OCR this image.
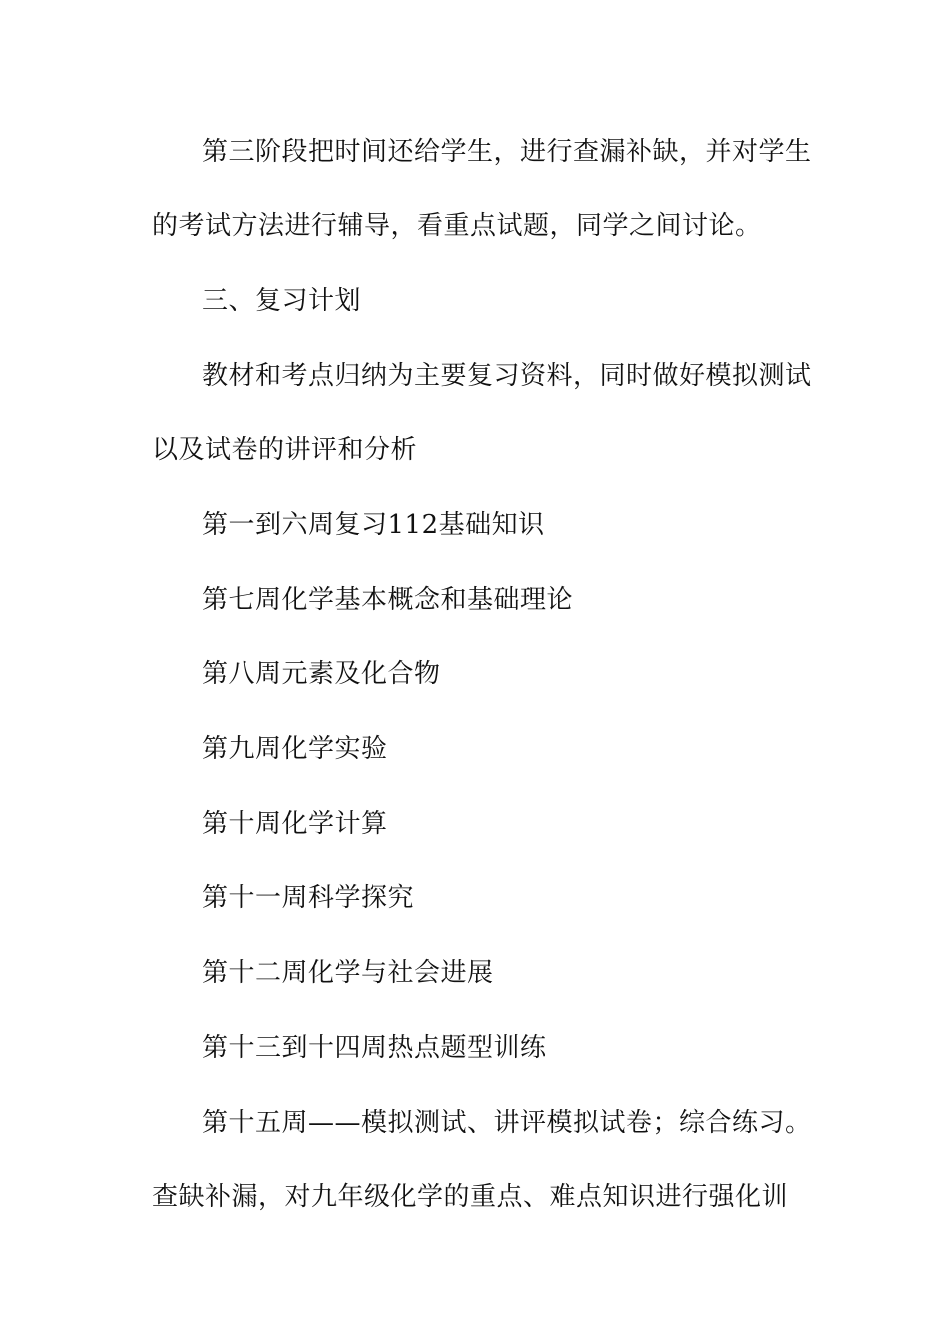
第三阶段把时间还给学生，进行查漏补缺，并对学生
的考试方法进行辅导，看重点试题，同学之间讨论。
三、复习计划
教材和考点归纳为主要复习资料，同时做好模拟测试
以及试卷的讲评和分析
第一到六周复习112基础知识
第七周化学基本概念和基础理论
第八周元素及化合物
第九周化学实验
第十周化学计算
第十一周科学探究
第十二周化学与社会进展
第十三到十四周热点题型训练
第十五周——模拟测试、讲评模拟试卷；综合练习。
查缺补漏，对九年级化学的重点、难点知识进行强化训
